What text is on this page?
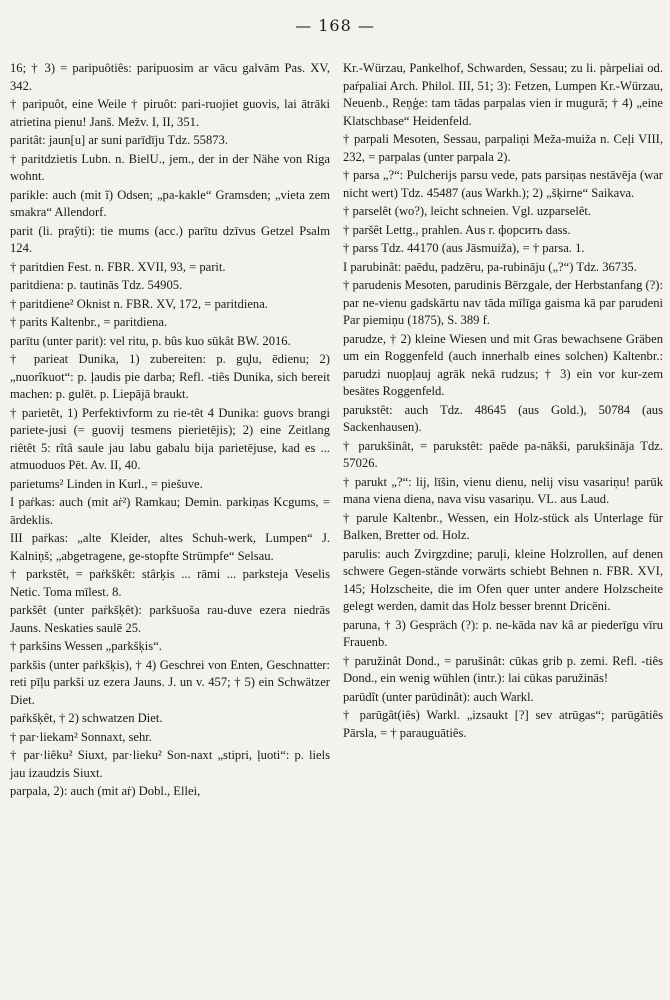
— 168 —

16; † 3) = paripuôtiês: paripuosim ar vācu galvām Pas. XV, 342.

† paripuôt, eine Weile † piruôt: pari-ruojiet guovis, lai ātrāki atrietina pienu! Janš. Mežv. I, II, 351.

paritât: jaun[u] ar suni parīdīju Tdz. 55873.

† paritdzietis Lubn. n. BielU., jem., der in der Nähe von Riga wohnt.

parikle: auch (mit ĩ) Odsen; „pa-kakle“ Gramsden; „vieta zem smakra“ Allendorf.

parit (li. pray̆ti): tie mums (acc.) parītu dzīvus Getzel Psalm 124.

† paritdien Fest. n. FBR. XVII, 93, = parit.

paritdiena: p. tautinās Tdz. 54905.

† paritdiene² Oknist n. FBR. XV, 172, = paritdiena.

† parits Kaltenbr., = paritdiena.

parītu (unter parit): vel ritu, p. bûs kuo sūkât BW. 2016.

† parieat Dunika, 1) zubereiten: p. gu̧lu, ēdienu; 2) „nuorîkuot“: p. ļaudis pie darba; Refl. -tiês Dunika, sich bereit machen: p. gulēt. p. Liepājā braukt.

† parietêt, 1) Perfektivform zu rie-têt 4 Dunika: guovs brangi pariete-jusi (= guovij tesmens pierietējis); 2) eine Zeitlang riêtêt 5: rîtâ saule jau labu gabalu bija parietējuse, kad es ... atmuoduos Pēt. Av. II, 40.

parietums² Linden in Kurl., = piešuve.

I paṙkas: auch (mit aṙ²) Ramkau; Demin. parkiņas Kcgums, = ārdeklis.

III paṙkas: „alte Kleider, altes Schuh-werk, Lumpen“ J. Kalniņš; „abgetragene, ge-stopfte Strümpfe“ Selsau.

† parkstêt, = paṙkškêt: stârķis ... rāmi ... parksteja Veselis Netic. Toma mīlest. 8.

parkšêt (unter paṙkšķêt): parkšuoša rau-duve ezera niedrās Jauns. Neskaties saulē 25.

† parkšins Wessen „parkšķis“.

parkšis (unter paṙkšķis), † 4) Geschrei von Enten, Geschnatter: reti pīļu parkši uz ezera Jauns. J. un v. 457; † 5) ein Schwätzer Diet.

paṙkšķêt, † 2) schwatzen Diet.

† par·liekam² Sonnaxt, sehr.

† par·liêku² Siuxt, par·lieku² Son-naxt „stipri, ļuoti“: p. liels jau izaudzis Siuxt.

parpala, 2): auch (mit aṙ) Dobl., Ellei,

Kr.-Würzau, Pankelhof, Schwarden, Sessau; zu li. pàrpeliai od. paŕpaliai Arch. Philol. III, 51; 3): Fetzen, Lumpen Kr.-Würzau, Neuenb., Reņģe: tam tādas parpalas vien ir mugurā; † 4) „eine Klatschbase“ Heidenfeld.

† parpali Mesoten, Sessau, parpaliņi Meža-muiža n. Ceļi VIII, 232, = parpalas (unter parpala 2).

† parsa „?“: Pulcherijs parsu vede, pats parsiņas nestāvēja (war nicht wert) Tdz. 45487 (aus Warkh.); 2) „šķirne“ Saikava.

† parselêt (wo?), leicht schneien. Vgl. uzparselêt.

† paršêt Lettg., prahlen. Aus r. форсить dass.

† parss Tdz. 44170 (aus Jāsmuiža), = † parsa. 1.

I parubinât: paēdu, padzēru, pa-rubināju („?“) Tdz. 36735.

† parudenis Mesoten, parudinis Bērzgale, der Herbstanfang (?): par ne-vienu gadskārtu nav tāda mīlīga gaisma kā par parudeni Par piemiņu (1875), S. 389 f.

parudze, † 2) kleine Wiesen und mit Gras bewachsene Gräben um ein Roggenfeld (auch innerhalb eines solchen) Kaltenbr.: parudzi nuopļauj agrāk nekā rudzus; † 3) ein vor kur-zem besätes Roggenfeld.

parukstêt: auch Tdz. 48645 (aus Gold.), 50784 (aus Sackenhausen).

† parukšinât, = parukstêt: paēde pa-nākši, parukšināja Tdz. 57026.

† parukt „?“: lij, līšin, vienu dienu, nelij visu vasariņu! parūk mana viena diena, nava visu vasariņu. VL. aus Laud.

† parule Kaltenbr., Wessen, ein Holz-stück als Unterlage für Balken, Bretter od. Holz.

parulis: auch Zvirgzdine; paruļi, kleine Holzrollen, auf denen schwere Gegen-stände vorwärts schiebt Behnen n. FBR. XVI, 145; Holzscheite, die im Ofen quer unter andere Holzscheite gelegt werden, damit das Holz besser brennt Dricēni.

paruna, † 3) Gespräch (?): p. ne-kāda nav kâ ar piederīgu vīru Frauenb.

† paružinât Dond., = parušinât: cūkas grib p. zemi. Refl. -tiês Dond., ein wenig wühlen (intr.): lai cūkas paružinās!

parūdît (unter parūdinât): auch Warkl.

† parūgât(iês) Warkl. „izsaukt [?] sev atrūgas“; parūgātiês Pārsla, = † parauguātiês.
